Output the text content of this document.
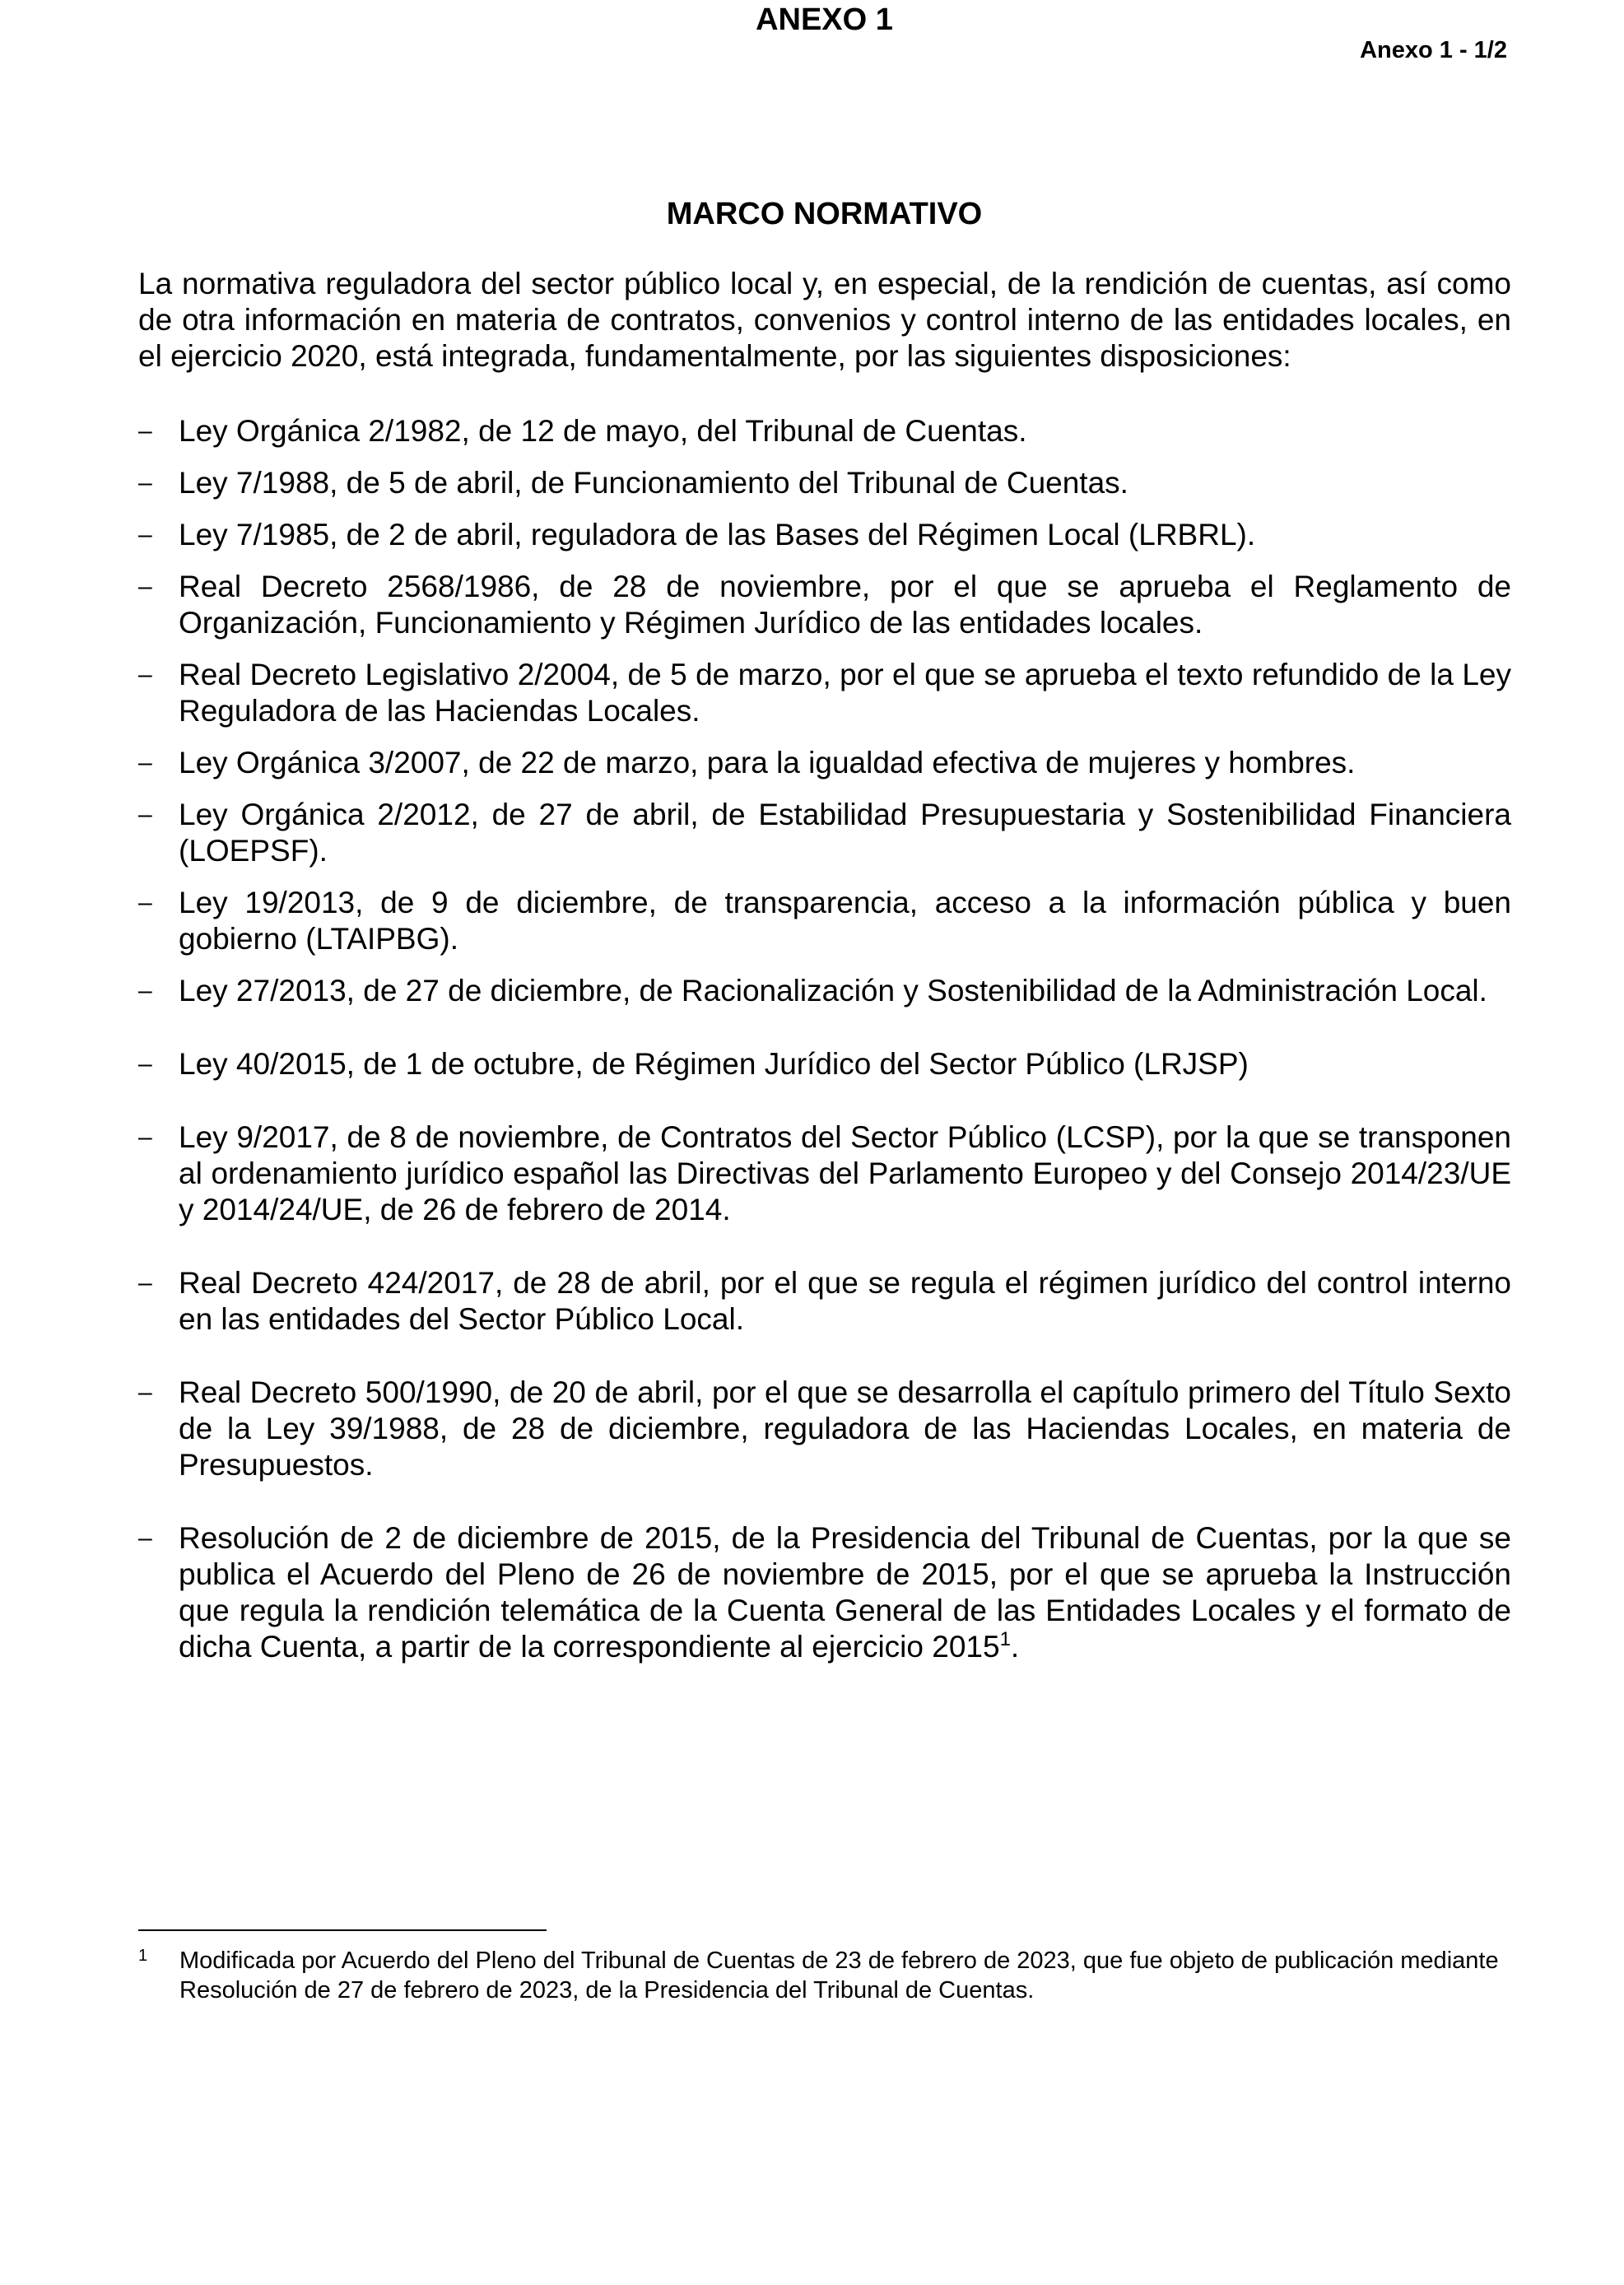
ANEXO 1
Anexo 1 - 1/2
MARCO NORMATIVO

La normativa reguladora del sector público local y, en especial, de la rendición de cuentas, así como de otra información en materia de contratos, convenios y control interno de las entidades locales, en el ejercicio 2020, está integrada, fundamentalmente, por las siguientes disposiciones:

– Ley Orgánica 2/1982, de 12 de mayo, del Tribunal de Cuentas.
– Ley 7/1988, de 5 de abril, de Funcionamiento del Tribunal de Cuentas.
– Ley 7/1985, de 2 de abril, reguladora de las Bases del Régimen Local (LRBRL).
– Real Decreto 2568/1986, de 28 de noviembre, por el que se aprueba el Reglamento de Organización, Funcionamiento y Régimen Jurídico de las entidades locales.
– Real Decreto Legislativo 2/2004, de 5 de marzo, por el que se aprueba el texto refundido de la Ley Reguladora de las Haciendas Locales.
– Ley Orgánica 3/2007, de 22 de marzo, para la igualdad efectiva de mujeres y hombres.
– Ley Orgánica 2/2012, de 27 de abril, de Estabilidad Presupuestaria y Sostenibilidad Financiera (LOEPSF).
– Ley 19/2013, de 9 de diciembre, de transparencia, acceso a la información pública y buen gobierno (LTAIPBG).
– Ley 27/2013, de 27 de diciembre, de Racionalización y Sostenibilidad de la Administración Local.
– Ley 40/2015, de 1 de octubre, de Régimen Jurídico del Sector Público (LRJSP)
– Ley 9/2017, de 8 de noviembre, de Contratos del Sector Público (LCSP), por la que se transponen al ordenamiento jurídico español las Directivas del Parlamento Europeo y del Consejo 2014/23/UE y 2014/24/UE, de 26 de febrero de 2014.
– Real Decreto 424/2017, de 28 de abril, por el que se regula el régimen jurídico del control interno en las entidades del Sector Público Local.
– Real Decreto 500/1990, de 20 de abril, por el que se desarrolla el capítulo primero del Título Sexto de la Ley 39/1988, de 28 de diciembre, reguladora de las Haciendas Locales, en materia de Presupuestos.
– Resolución de 2 de diciembre de 2015, de la Presidencia del Tribunal de Cuentas, por la que se publica el Acuerdo del Pleno de 26 de noviembre de 2015, por el que se aprueba la Instrucción que regula la rendición telemática de la Cuenta General de las Entidades Locales y el formato de dicha Cuenta, a partir de la correspondiente al ejercicio 2015$^1$.
1	Modificada por Acuerdo del Pleno del Tribunal de Cuentas de 23 de febrero de 2023, que fue objeto de publicación mediante Resolución de 27 de febrero de 2023, de la Presidencia del Tribunal de Cuentas.
